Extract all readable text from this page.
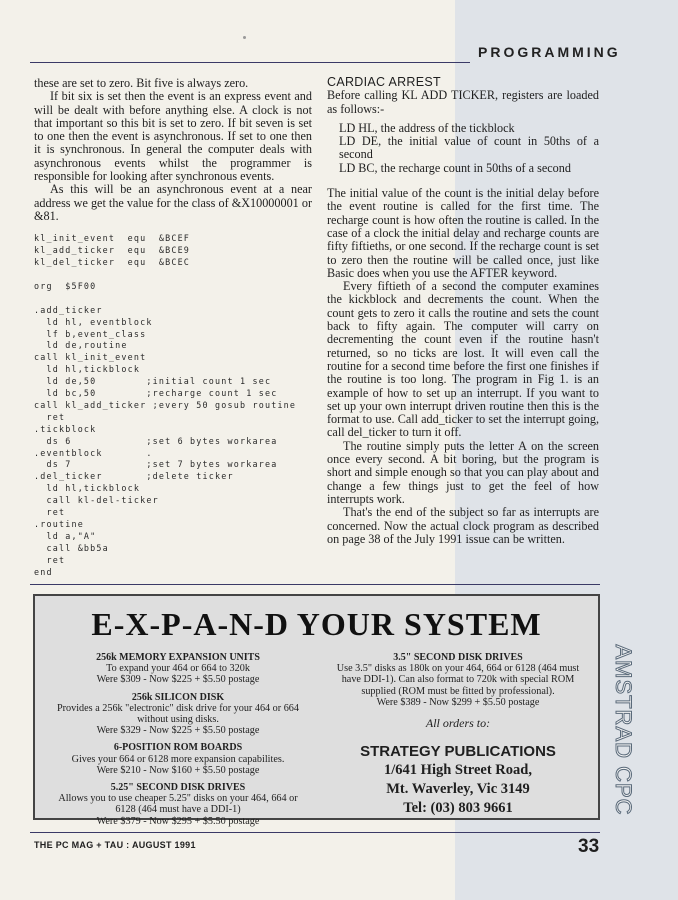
PROGRAMMING

these are set to zero. Bit five is always zero.

If bit six is set then the event is an express event and will be dealt with before anything else. A clock is not that important so this bit is set to zero. If bit seven is set to one then the event is asynchronous. If set to one then it is synchronous. In general the computer deals with asynchronous events whilst the programmer is responsible for looking after synchronous events.

As this will be an asynchronous event at a near address we get the value for the class of &X10000001 or &81.

kl_init_event  equ  &BCEF
kl_add_ticker  equ  &BCE9
kl_del_ticker  equ  &BCEC

org  $5F00

.add_ticker
ld hl, eventblock
lf b,event_class
ld de,routine
call kl_init_event
ld hl,tickblock
ld de,50        ;initial count 1 sec
ld bc,50        ;recharge count 1 sec
call kl_add_ticker ;every 50 gosub routine
ret
.tickblock
ds 6            ;set 6 bytes workarea
.eventblock       .
ds 7            ;set 7 bytes workarea
.del_ticker       ;delete ticker
ld hl,tickblock
call kl-del-ticker
ret
.routine
ld a,"A"
call &bb5a
ret
end

CARDIAC ARREST

Before calling KL ADD TICKER, registers are loaded as follows:-

LD HL, the address of the tickblock

LD DE, the initial value of count in 50ths of a second

LD BC, the recharge count in 50ths of a second

The initial value of the count is the initial delay before the event routine is called for the first time. The recharge count is how often the routine is called. In the case of a clock the initial delay and recharge counts are fifty fiftieths, or one second. If the recharge count is set to zero then the routine will be called once, just like Basic does when you use the AFTER keyword.

Every fiftieth of a second the computer examines the kickblock and decrements the count. When the count gets to zero it calls the routine and sets the count back to fifty again. The computer will carry on decrementing the count even if the routine hasn't returned, so no ticks are lost. It will even call the routine for a second time before the first one finishes if the routine is too long. The program in Fig 1. is an example of how to set up an interrupt. If you want to set up your own interrupt driven routine then this is the format to use. Call add_ticker to set the interrupt going, call del_ticker to turn it off.

The routine simply puts the letter A on the screen once every second. A bit boring, but the program is short and simple enough so that you can play about and change a few things just to get the feel of how interrupts work.

That's the end of the subject so far as interrupts are concerned. Now the actual clock program as described on page 38 of the July 1991 issue can be written.

E-X-P-A-N-D YOUR SYSTEM
256k MEMORY EXPANSION UNITS
To expand your 464 or 664 to 320k
Were $309 - Now $225 + $5.50 postage
256k SILICON DISK
Provides a 256k "electronic" disk drive for your 464 or 664 without using disks.
Were $329 - Now $225 + $5.50 postage
6-POSITION ROM BOARDS
Gives your 664 or 6128 more expansion capabilites.
Were $210 - Now $160 + $5.50 postage
5.25" SECOND DISK DRIVES
Allows you to use cheaper 5.25" disks on your 464, 664 or 6128 (464 must have a DDI-1)
Were $379 - Now $295 + $5.50 postage
3.5" SECOND DISK DRIVES
Use 3.5" disks as 180k on your 464, 664 or 6128 (464 must have DDI-1). Can also format to 720k with special ROM supplied (ROM must be fitted by professional).
Were $389 - Now $299 + $5.50 postage
All orders to:
STRATEGY PUBLICATIONS
1/641 High Street Road,
Mt. Waverley, Vic 3149
Tel: (03) 803 9661	AMSTRAD CPC
THE PC MAG + TAU : AUGUST 1991	33
